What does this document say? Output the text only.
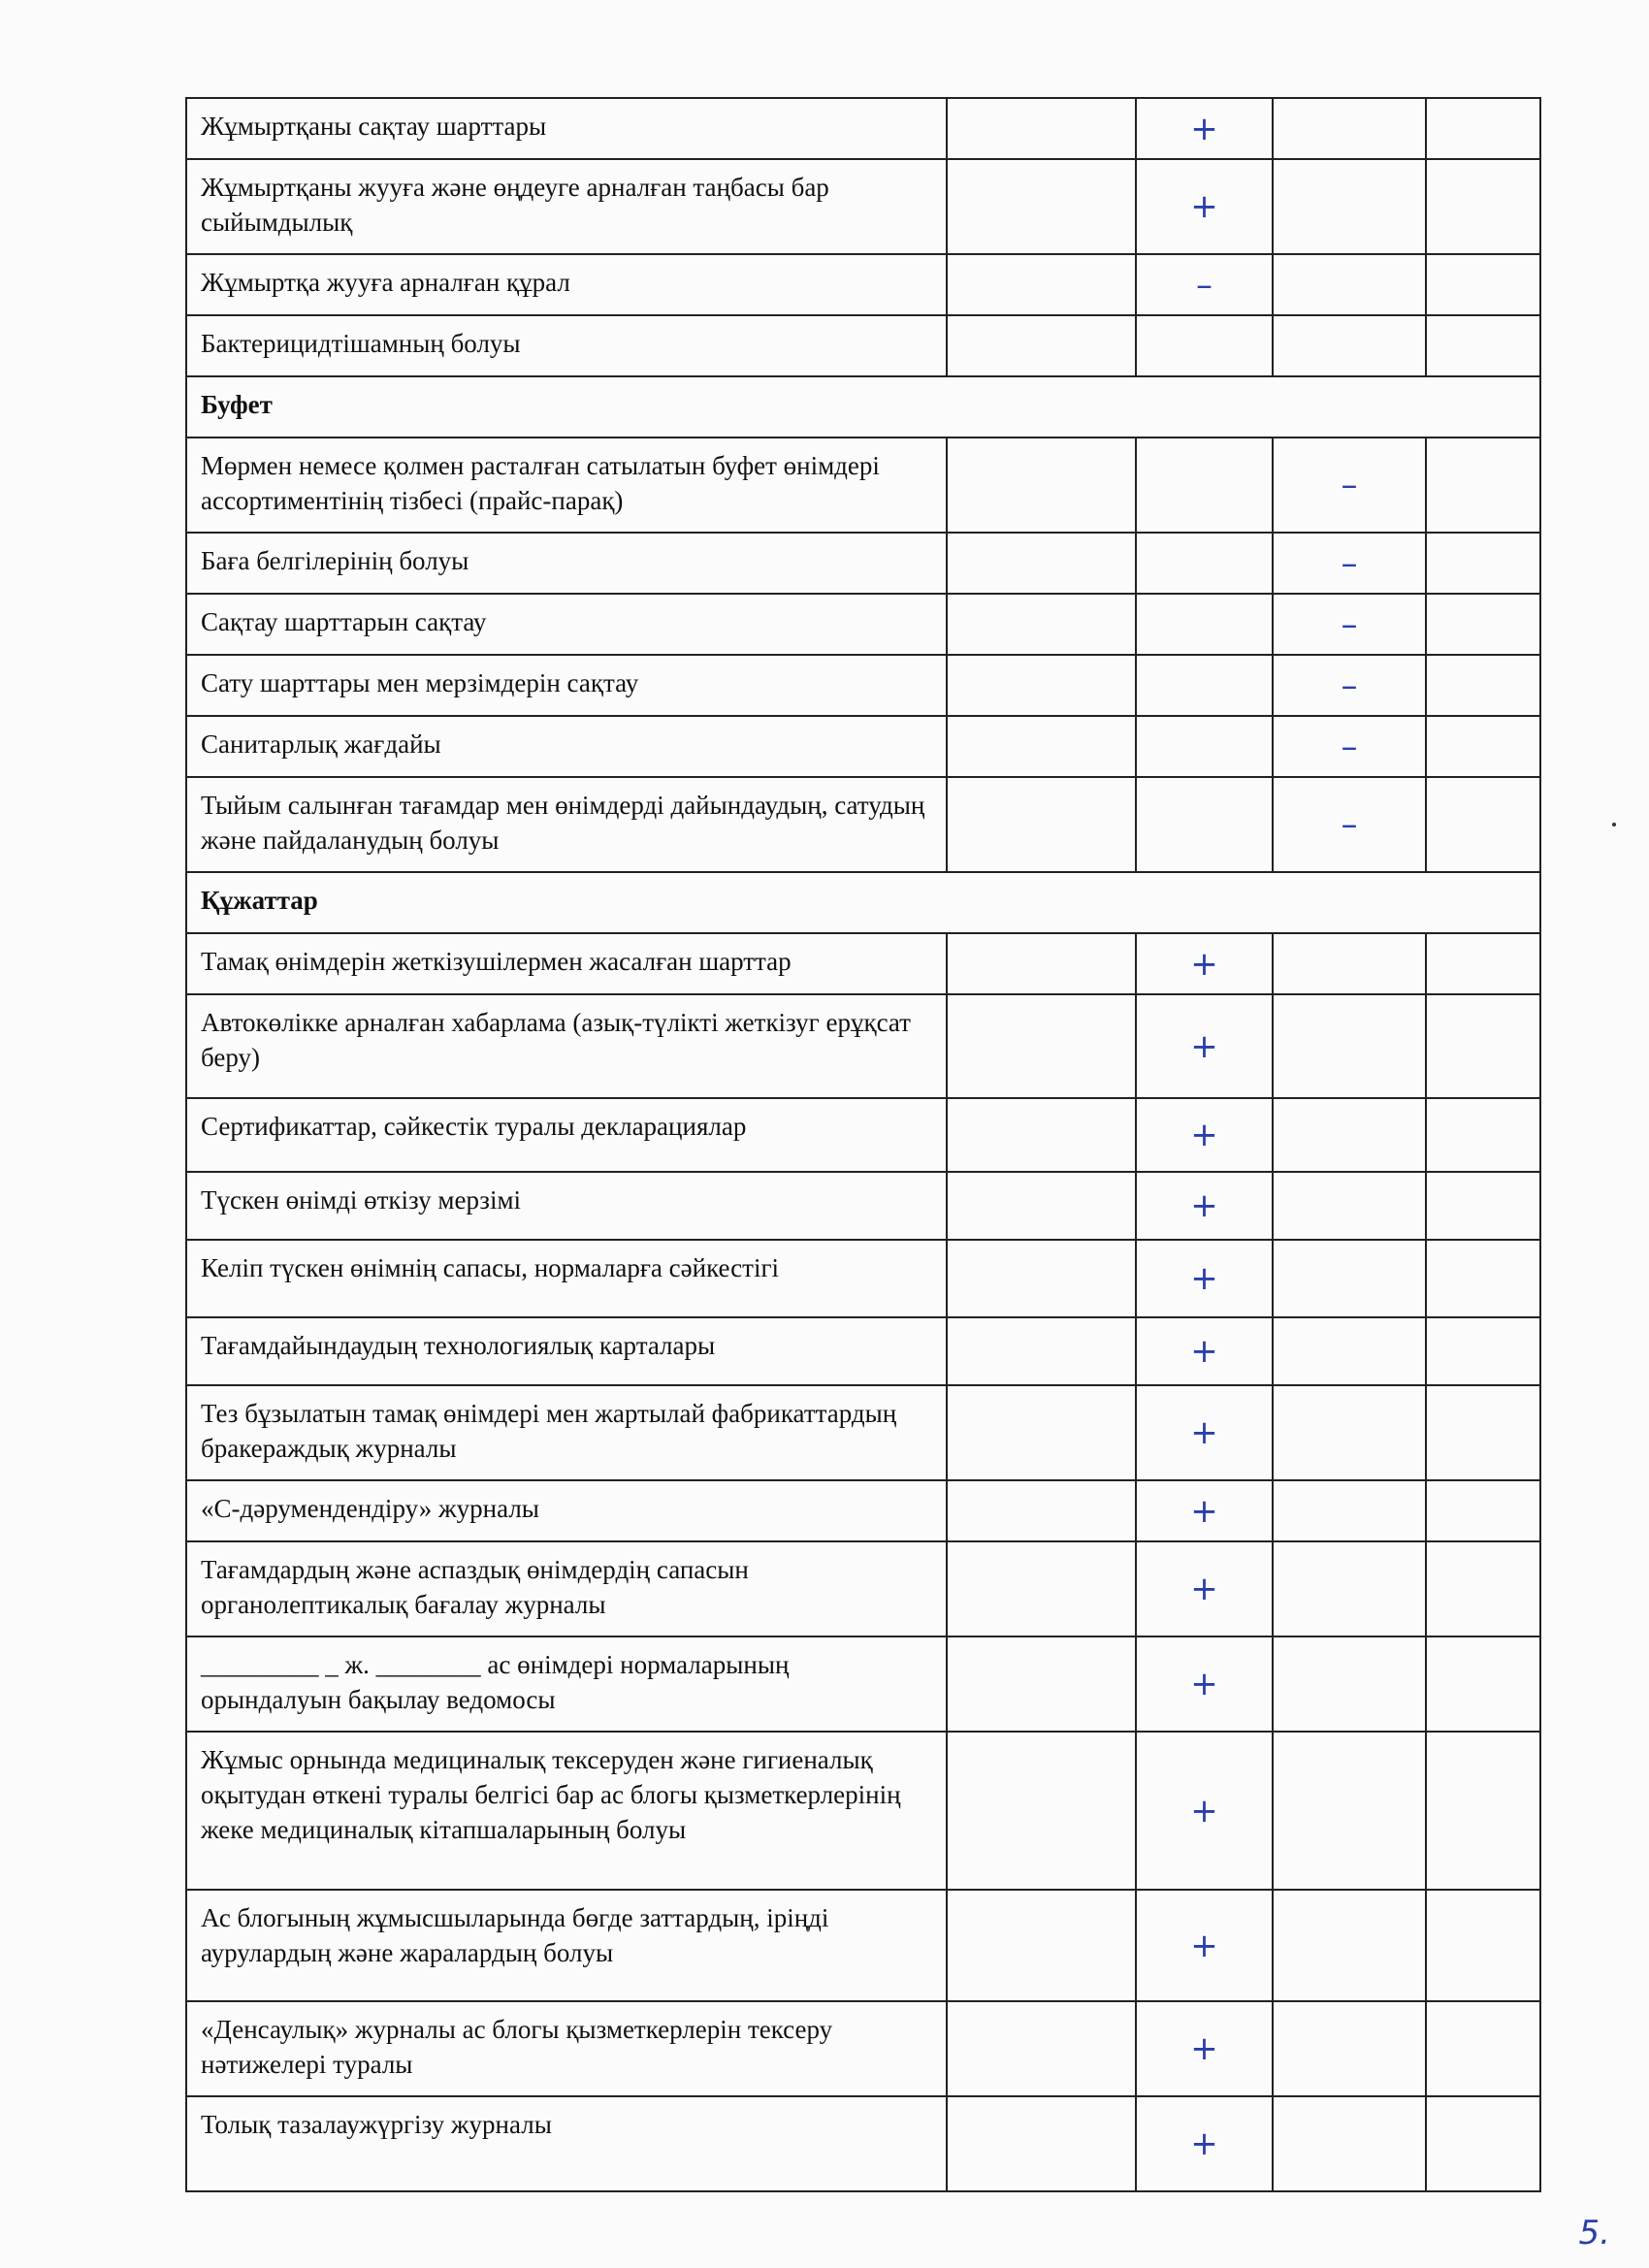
Жұмыртқаны сақтау шарттары		+		
Жұмыртқаны жууға және өңдеуге арналған таңбасы бар сыйымдылық		+		
Жұмыртқа жууға арналған құрал		–		
Бактерицидтішамның болуы				
Буфет				
Мөрмен немесе қолмен расталған сатылатын буфет өнімдері ассортиментінің тізбесі (прайс-парақ)			–	
Баға белгілерінің болуы			–	
Сақтау шарттарын сақтау			–	
Сату шарттары мен мерзімдерін сақтау			–	
Санитарлық жағдайы			–	
Тыйым салынған тағамдар мен өнімдерді дайындаудың, сатудың және пайдаланудың болуы			–	
Құжаттар				
Тамақ өнімдерін жеткізушілермен жасалған шарттар		+		
Автокөлікке арналған хабарлама (азық-түлікті жеткізуг ерұқсат беру)		+		
Сертификаттар, сәйкестік туралы декларациялар		+		
Түскен өнімді өткізу мерзімі		+		
Келіп түскен өнімнің сапасы, нормаларға сәйкестігі		+		
Тағамдайындаудың технологиялық карталары		+		
Тез бұзылатын тамақ өнімдері мен жартылай фабрикаттардың бракераждық журналы		+		
«С-дәрумендендіру» журналы		+		
Тағамдардың және аспаздық өнімдердің сапасын органолептикалық бағалау журналы		+		
_________ _ ж. ________ ас өнімдері нормаларының орындалуын бақылау ведомосы		+		
Жұмыс орнында медициналық тексеруден және гигиеналық оқытудан өткені туралы белгісі бар ас блогы қызметкерлерінің жеке медициналық кітапшаларының болуы		+		
Ас блогының жұмысшыларында бөгде заттардың, іріңді аурулардың және жаралардың болуы		+		
«Денсаулық» журналы ас блогы қызметкерлерін тексеру нәтижелері туралы		+		
Толық тазалаужүргізу журналы		+		
5.
